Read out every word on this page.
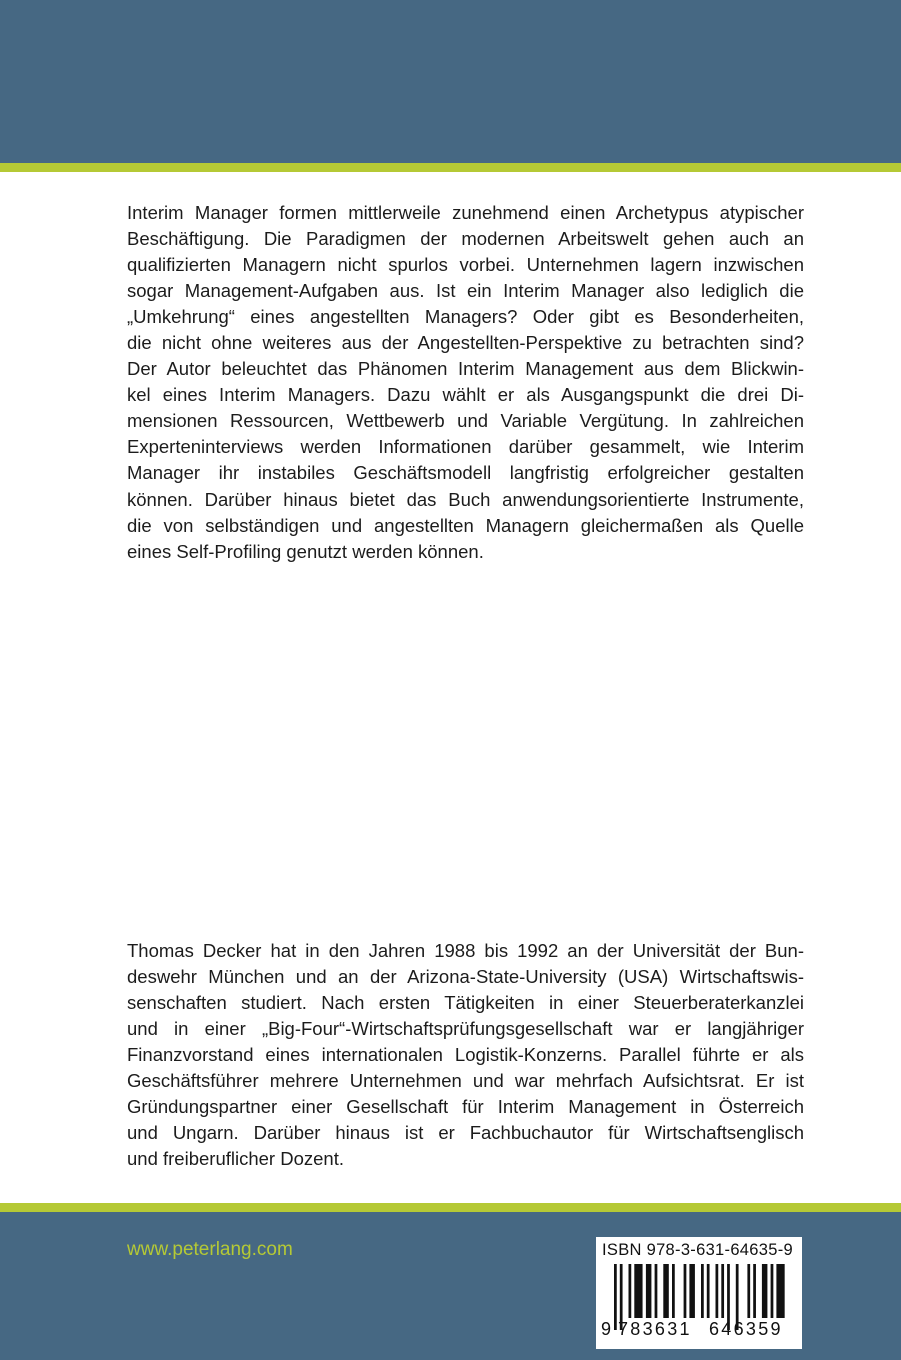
Interim Manager formen mittlerweile zunehmend einen Archetypus atypischer
Beschäftigung. Die Paradigmen der modernen Arbeitswelt gehen auch an
qualifizierten Managern nicht spurlos vorbei. Unternehmen lagern inzwischen
sogar Management-Aufgaben aus. Ist ein Interim Manager also lediglich die
„Umkehrung“ eines angestellten Managers? Oder gibt es Besonderheiten,
die nicht ohne weiteres aus der Angestellten-Perspektive zu betrachten sind?
Der Autor beleuchtet das Phänomen Interim Management aus dem Blickwin-
kel eines Interim Managers. Dazu wählt er als Ausgangspunkt die drei Di-
mensionen Ressourcen, Wettbewerb und Variable Vergütung. In zahlreichen
Experteninterviews werden Informationen darüber gesammelt, wie Interim
Manager ihr instabiles Geschäftsmodell langfristig erfolgreicher gestalten
können. Darüber hinaus bietet das Buch anwendungsorientierte Instrumente,
die von selbständigen und angestellten Managern gleichermaßen als Quelle
eines Self-Profiling genutzt werden können.
Thomas Decker hat in den Jahren 1988 bis 1992 an der Universität der Bun-
deswehr München und an der Arizona-State-University (USA) Wirtschaftswis-
senschaften studiert. Nach ersten Tätigkeiten in einer Steuerberaterkanzlei
und in einer „Big-Four“-Wirtschaftsprüfungsgesellschaft war er langjähriger
Finanzvorstand eines internationalen Logistik-Konzerns. Parallel führte er als
Geschäftsführer mehrere Unternehmen und war mehrfach Aufsichtsrat. Er ist
Gründungspartner einer Gesellschaft für Interim Management in Österreich
und Ungarn. Darüber hinaus ist er Fachbuchautor für Wirtschaftsenglisch
und freiberuflicher Dozent.
www.peterlang.com	ISBN 978-3-631-64635-9
9 783631 646359
